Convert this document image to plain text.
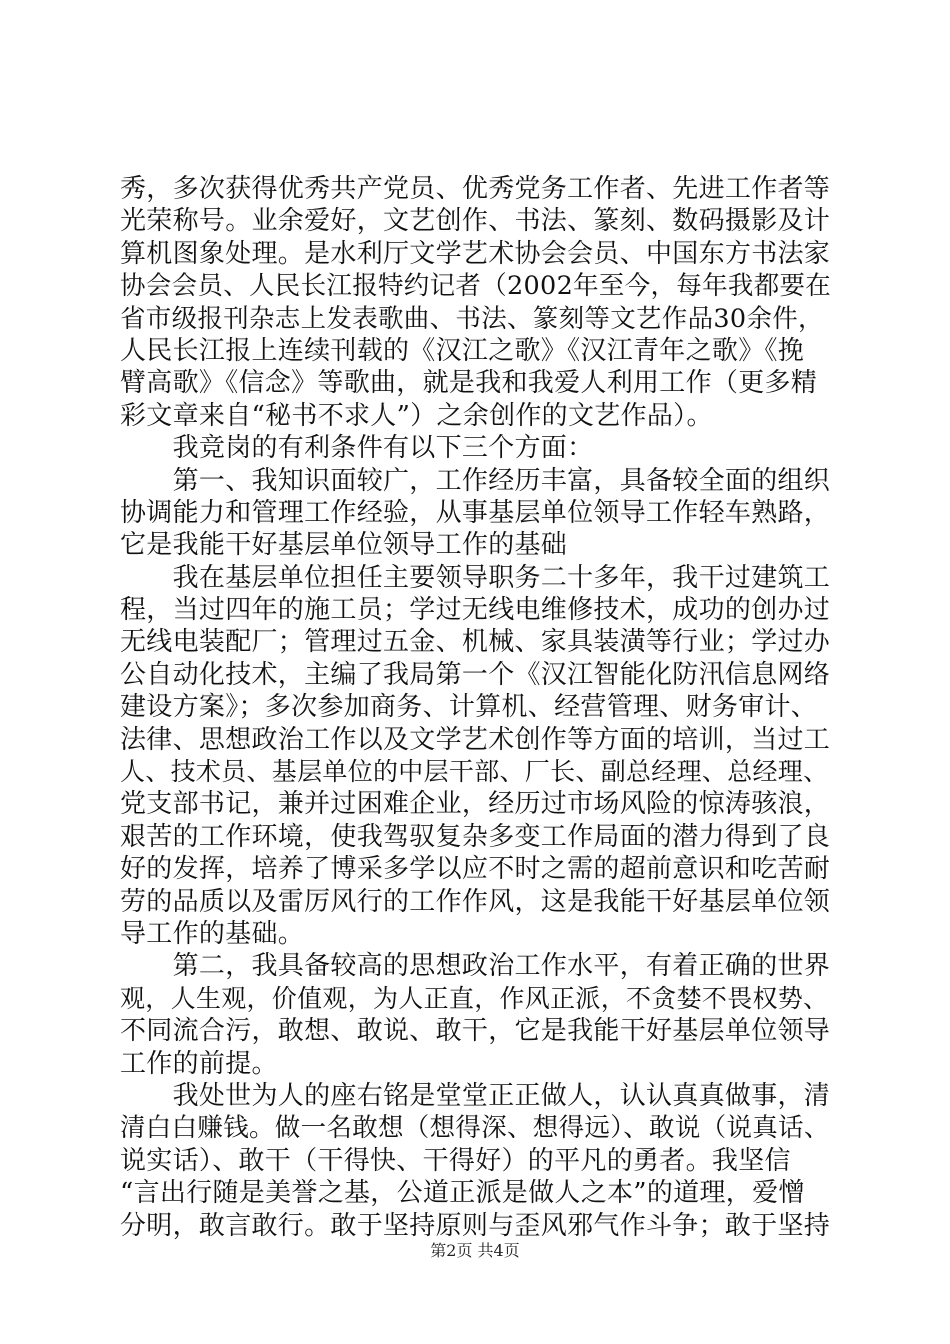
秀，多次获得优秀共产党员、优秀党务工作者、先进工作者等
光荣称号。业余爱好，文艺创作、书法、篆刻、数码摄影及计
算机图象处理。是水利厅文学艺术协会会员、中国东方书法家
协会会员、人民长江报特约记者（2002年至今，每年我都要在
省市级报刊杂志上发表歌曲、书法、篆刻等文艺作品30余件，
人民长江报上连续刊载的《汉江之歌》《汉江青年之歌》《挽
臂高歌》《信念》等歌曲，就是我和我爱人利用工作（更多精
彩文章来自“秘书不求人”）之余创作的文艺作品）。
　　我竞岗的有利条件有以下三个方面：
　　第一、我知识面较广，工作经历丰富，具备较全面的组织
协调能力和管理工作经验，从事基层单位领导工作轻车熟路，
它是我能干好基层单位领导工作的基础
　　我在基层单位担任主要领导职务二十多年，我干过建筑工
程，当过四年的施工员；学过无线电维修技术，成功的创办过
无线电装配厂；管理过五金、机械、家具装潢等行业；学过办
公自动化技术，主编了我局第一个《汉江智能化防汛信息网络
建设方案》；多次参加商务、计算机、经营管理、财务审计、
法律、思想政治工作以及文学艺术创作等方面的培训，当过工
人、技术员、基层单位的中层干部、厂长、副总经理、总经理、
党支部书记，兼并过困难企业，经历过市场风险的惊涛骇浪，
艰苦的工作环境，使我驾驭复杂多变工作局面的潜力得到了良
好的发挥，培养了博采多学以应不时之需的超前意识和吃苦耐
劳的品质以及雷厉风行的工作作风，这是我能干好基层单位领
导工作的基础。
　　第二，我具备较高的思想政治工作水平，有着正确的世界
观，人生观，价值观，为人正直，作风正派，不贪婪不畏权势、
不同流合污，敢想、敢说、敢干，它是我能干好基层单位领导
工作的前提。
　　我处世为人的座右铭是堂堂正正做人，认认真真做事，清
清白白赚钱。做一名敢想（想得深、想得远）、敢说（说真话、
说实话）、敢干（干得快、干得好）的平凡的勇者。我坚信
“言出行随是美誉之基，公道正派是做人之本”的道理，爱憎
分明，敢言敢行。敢于坚持原则与歪风邪气作斗争；敢于坚持
第2页 共4页
